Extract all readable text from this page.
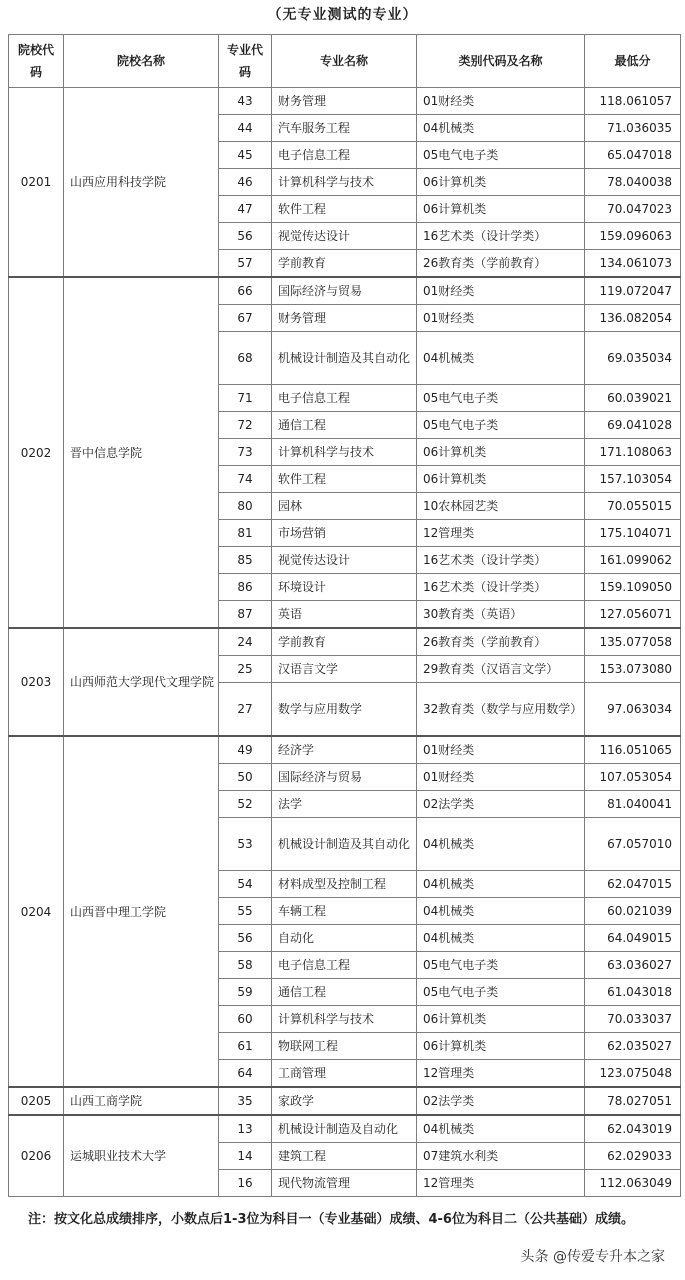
（无专业测试的专业）
院校代码	院校名称	专业代码	专业名称	类别代码及名称	最低分
0201	山西应用科技学院	43	财务管理	01财经类	118.061057
		44	汽车服务工程	04机械类	71.036035
		45	电子信息工程	05电气电子类	65.047018
		46	计算机科学与技术	06计算机类	78.040038
		47	软件工程	06计算机类	70.047023
		56	视觉传达设计	16艺术类（设计学类）	159.096063
		57	学前教育	26教育类（学前教育）	134.061073
0202	晋中信息学院	66	国际经济与贸易	01财经类	119.072047
		67	财务管理	01财经类	136.082054
		68	机械设计制造及其自动化	04机械类	69.035034
		71	电子信息工程	05电气电子类	60.039021
		72	通信工程	05电气电子类	69.041028
		73	计算机科学与技术	06计算机类	171.108063
		74	软件工程	06计算机类	157.103054
		80	园林	10农林园艺类	70.055015
		81	市场营销	12管理类	175.104071
		85	视觉传达设计	16艺术类（设计学类）	161.099062
		86	环境设计	16艺术类（设计学类）	159.109050
		87	英语	30教育类（英语）	127.056071
0203	山西师范大学现代文理学院	24	学前教育	26教育类（学前教育）	135.077058
		25	汉语言文学	29教育类（汉语言文学）	153.073080
		27	数学与应用数学	32教育类（数学与应用数学）	97.063034
0204	山西晋中理工学院	49	经济学	01财经类	116.051065
		50	国际经济与贸易	01财经类	107.053054
		52	法学	02法学类	81.040041
		53	机械设计制造及其自动化	04机械类	67.057010
		54	材料成型及控制工程	04机械类	62.047015
		55	车辆工程	04机械类	60.021039
		56	自动化	04机械类	64.049015
		58	电子信息工程	05电气电子类	63.036027
		59	通信工程	05电气电子类	61.043018
		60	计算机科学与技术	06计算机类	70.033037
		61	物联网工程	06计算机类	62.035027
		64	工商管理	12管理类	123.075048
0205	山西工商学院	35	家政学	02法学类	78.027051
0206	运城职业技术大学	13	机械设计制造及自动化	04机械类	62.043019
		14	建筑工程	07建筑水利类	62.029033
		16	现代物流管理	12管理类	112.063049
注：按文化总成绩排序，小数点后1-3位为科目一（专业基础）成绩、4-6位为科目二（公共基础）成绩。
头条 @传爱专升本之家
